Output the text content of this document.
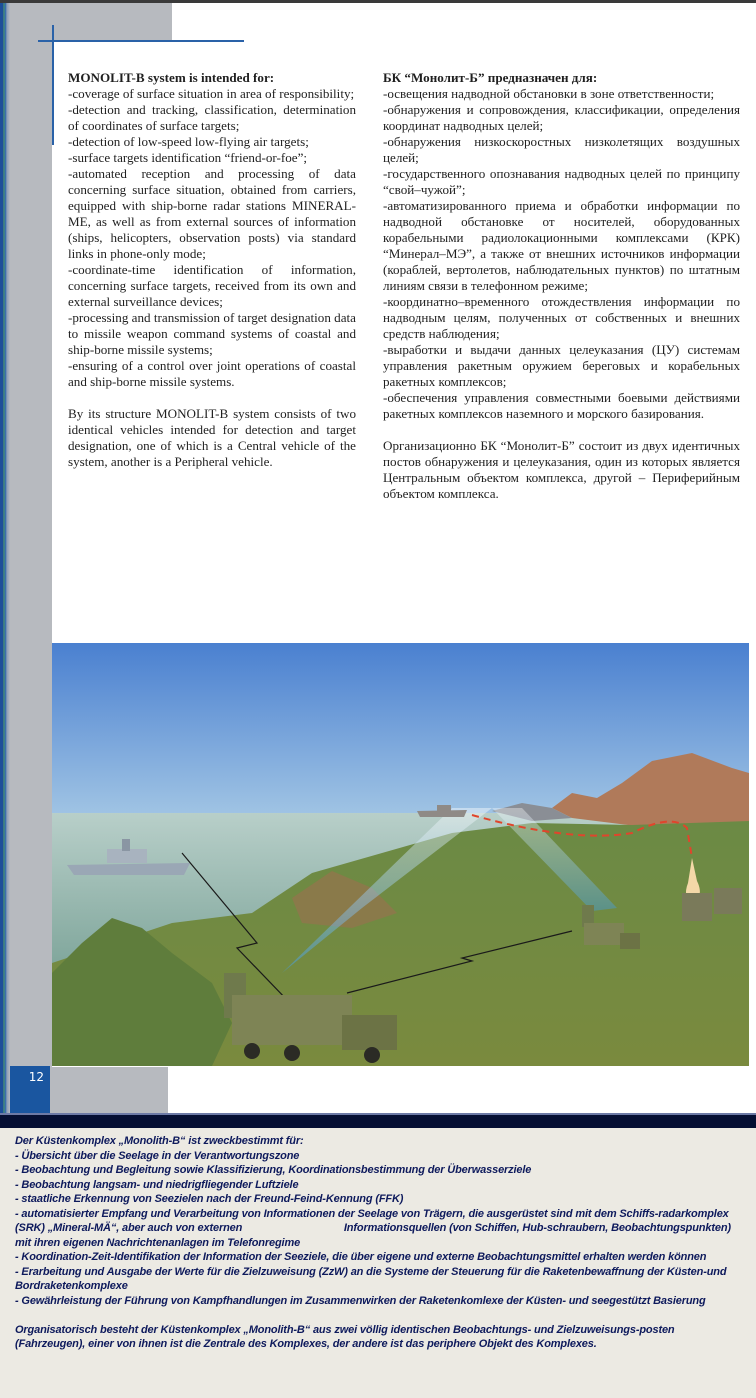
MONOLIT-B system is intended for:

-coverage of surface situation in area of responsibility;

-detection and tracking, classification, determination of coordinates of surface targets;

-detection of low-speed low-flying air targets;

-surface targets identification “friend-or-foe”;

-automated reception and processing of data concerning surface situation, obtained from carriers, equipped with ship-borne radar stations MINERAL-ME, as well as from external sources of information (ships, helicopters, observation posts) via standard links in phone-only mode;

-coordinate-time identification of information, concerning surface targets, received from its own and external surveillance devices;

-processing and transmission of target designation data to missile weapon command systems of coastal and ship-borne missile systems;

-ensuring of a control over joint operations of coastal and ship-borne missile systems.

By its structure MONOLIT-B system consists of two identical vehicles intended for detection and target designation, one of which is a Central vehicle of the system, another is a Peripheral vehicle.

БК “Монолит-Б” предназначен для:

-освещения надводной обстановки в зоне ответственности;

-обнаружения и сопровождения, классификации, определения координат надводных целей;

-обнаружения низкоскоростных низколетящих воздушных целей;

-государственного опознавания надводных целей по принципу “свой–чужой”;

-автоматизированного приема и обработки информации по надводной обстановке от носителей, оборудованных корабельными радиолокационными комплексами (КРК) “Минерал–МЭ”, а также от внешних источников информации (кораблей, вертолетов, наблюдательных пунктов) по штатным линиям связи в телефонном режиме;

-координатно–временного отождествления информации по надводным целям, полученных от собственных и внешних средств наблюдения;

-выработки и выдачи данных целеуказания (ЦУ) системам управления ракетным оружием береговых и корабельных ракетных комплексов;

-обеспечения управления совместными боевыми действиями ракетных комплексов наземного и морского базирования.

Организационно БК “Монолит-Б” состоит из двух идентичных постов обнаружения и целеуказания, один из которых является Центральным объектом комплекса, другой – Периферийным объектом комплекса.

12

Der Küstenkomplex „Monolith-B“ ist zweckbestimmt für:

- Übersicht über die Seelage in der Verantwortungszone

- Beobachtung und Begleitung sowie Klassifizierung, Koordinationsbestimmung der Überwasserziele

- Beobachtung langsam- und niedrigfliegender Luftziele

- staatliche Erkennung von Seezielen nach der Freund-Feind-Kennung (FFK)

- automatisierter Empfang und Verarbeitung von Informationen der Seelage von Trägern, die ausgerüstet sind mit dem Schiffs-radarkomplex (SRK) „Mineral-MÄ“, aber auch von externen                                   Informationsquellen (von Schiffen, Hub-schraubern, Beobachtungspunkten) mit ihren eigenen Nachrichtenanlagen im Telefonregime

- Koordination-Zeit-Identifikation der Information der Seeziele, die über eigene und externe Beobachtungsmittel erhalten werden können

- Erarbeitung und Ausgabe der Werte für die Zielzuweisung (ZzW) an die Systeme der Steuerung für die Raketenbewaffnung der Küsten-und Bordraketenkomplexe

- Gewährleistung der Führung von Kampfhandlungen im Zusammenwirken der Raketenkomlexe der Küsten- und seegestützt Basierung

Organisatorisch besteht der Küstenkomplex „Monolith-B“ aus zwei völlig identischen Beobachtungs- und Zielzuweisungs-posten (Fahrzeugen), einer von ihnen ist die Zentrale des Komplexes, der andere ist das periphere Objekt des Komplexes.
